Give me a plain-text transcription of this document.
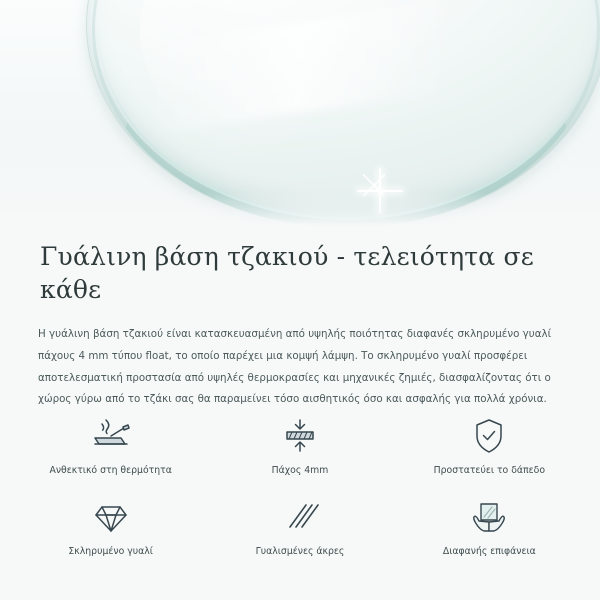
Γυάλινη βάση τζακιού - τελειότητα σε κάθε

Η γυάλινη βάση τζακιού είναι κατασκευασμένη από υψηλής ποιότητας διαφανές σκληρυμένο γυαλί πάχους 4 mm τύπου float, το οποίο παρέχει μια κομψή λάμψη. Το σκληρυμένο γυαλί προσφέρει αποτελεσματική προστασία από υψηλές θερμοκρασίες και μηχανικές ζημιές, διασφαλίζοντας ότι ο χώρος γύρω από το τζάκι σας θα παραμείνει τόσο αισθητικός όσο και ασφαλής για πολλά χρόνια.

Ανθεκτικό στη θερμότητα	Πάχος 4mm	Προστατεύει το δάπεδο
Σκληρυμένο γυαλί	Γυαλισμένες άκρες	Διαφανής επιφάνεια
